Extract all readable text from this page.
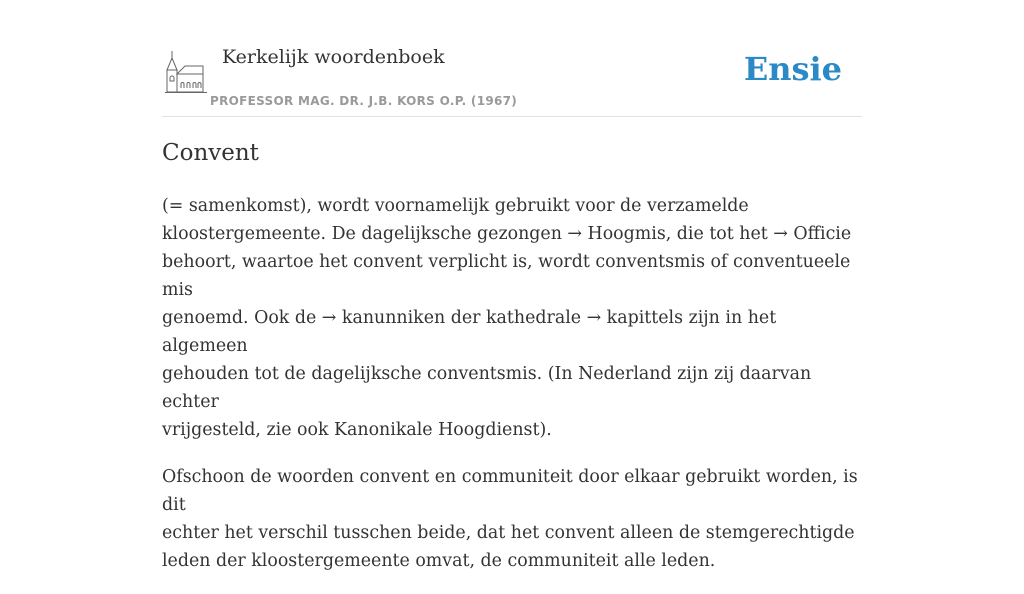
Kerkelijk woordenboek
PROFESSOR MAG. DR. J.B. KORS O.P. (1967)
Ensie
Convent

(= samenkomst), wordt voornamelijk gebruikt voor de verzamelde
kloostergemeente. De dagelijksche gezongen → Hoogmis, die tot het → Officie
behoort, waartoe het convent verplicht is, wordt conventsmis of conventueele mis
genoemd. Ook de → kanunniken der kathedrale → kapittels zijn in het algemeen
gehouden tot de dagelijksche conventsmis. (In Nederland zijn zij daarvan echter
vrijgesteld, zie ook Kanonikale Hoogdienst).

Ofschoon de woorden convent en communiteit door elkaar gebruikt worden, is dit
echter het verschil tusschen beide, dat het convent alleen de stemgerechtigde
leden der kloostergemeente omvat, de communiteit alle leden.
